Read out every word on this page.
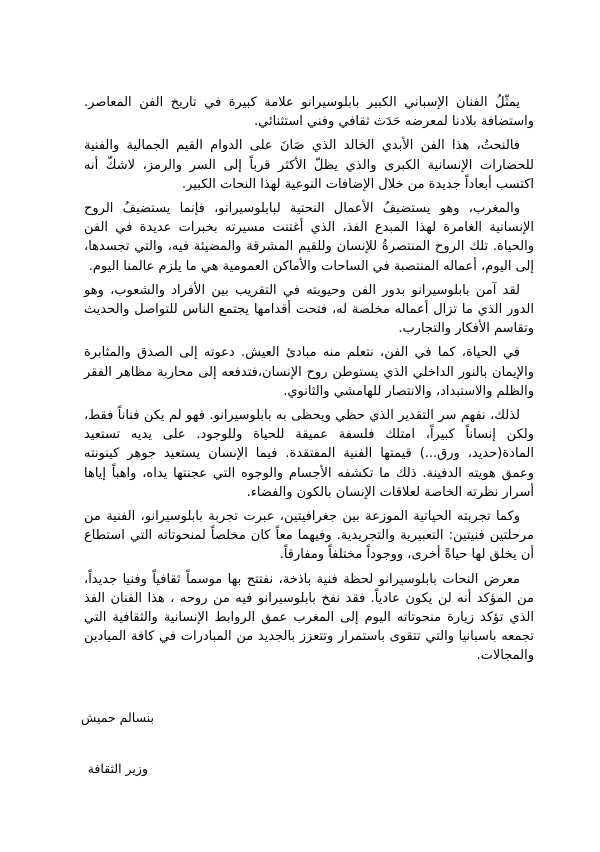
يمثّلُ الفنان الإسباني الكبير بابلوسيرانو علامة كبيرة في تاريخ الفن المعاصر. واستضافة بلادنا لمعرضه حَدَث ثقافي وفني استثنائي.

فالنحتُ، هذا الفن الأبدي الخالد الذي صَانَ على الدوام القيم الجمالية والفنية للحضارات الإنسانية الكبرى والذي يظلّ الأكثر قرباً إلى السر والرمز، لاشكّ أنه اكتسب أبعاداً جديدة من خلال الإضافات النوعية لهذا النحات الكبير.

والمغرب، وهو يستضيفُ الأعمال النحتية لبابلوسيرانو، فإنما يستضيفُ الروح الإنسانية الغامرة لهذا المبدع الفذ، الذي أغتنت مسيرته بخبرات عديدة في الفن والحياة. تلك الروح المنتصرةُ للإنسان وللقيم المشرقة والمضيئة فيه، والتي تجسدها، إلى اليوم، أعماله المنتصبة في الساحات والأماكن العمومية هي ما يلزم عالمنا اليوم.

لقد آمن بابلوسيرانو بدور الفن وحيويته في التقريب بين الأفراد والشعوب، وهو الدور الذي ما تزال أعماله مخلصة له، فتحت أقدامها يجتمع الناس للتواصل والحديث وتقاسم الأفكار والتجارب.

في الحياة، كما في الفن، نتعلم منه مبادئ العيش. دعوته إلى الصدق والمثابرة والإيمان بالنور الداخلي الذي يستوطن روح الإنسان،فتدفعه إلى محاربة مظاهر الفقر والظلم والاستبداد، والانتصار للهامشي والثانوي.

لذلك، نفهم سر التقدير الذي حظي ويحظى به بابلوسيرانو. فهو لم يكن فناناً فقط، ولكن إنساناً كبيراً، امتلك فلسفة عميقة للحياة وللوجود. على يديه تستعيد المادة(حديد، ورق...) قيمتها الفنية المفتقدة. فيما الإنسان يستعيد جوهر كينونته وعمق هويته الدفينة. ذلك ما تكشفه الأجسام والوجوه التي عجنتها يداه، واهباً إياها أسرار نظرته الخاصة لعلاقات الإنسان بالكون والفضاء.

وكما تجربته الحياتية الموزعة بين جغرافيتين، عبرت تجربة بابلوسيرانو، الفنية من مرحلتين فنيتين: التعبيرية والتجريدية. وفيهما معاً كان مخلصاً لمنحوتاته التي استطاع أن يخلق لها حياةً أخرى، ووجوداً مختلفاً ومفارقاً.

معرض النحات بابلوسيرانو لحظة فنية باذخة، نفتتح بها موسماً ثقافياً وفنيا جديداً، من المؤكد أنه لن يكون عادياً. فقد نفخ بابلوسيرانو فيه من روحه ، هذا الفنان الفذ الذي تؤكد زيارة منحوتاته اليوم إلى المغرب عمق الروابط الإنسانية والثقافية التي تجمعه باسبانيا والتي تتقوى باستمرار وتتعزز بالجديد من المبادرات في كافة الميادين والمجالات.

بنسالم حميش
وزير الثقافة
